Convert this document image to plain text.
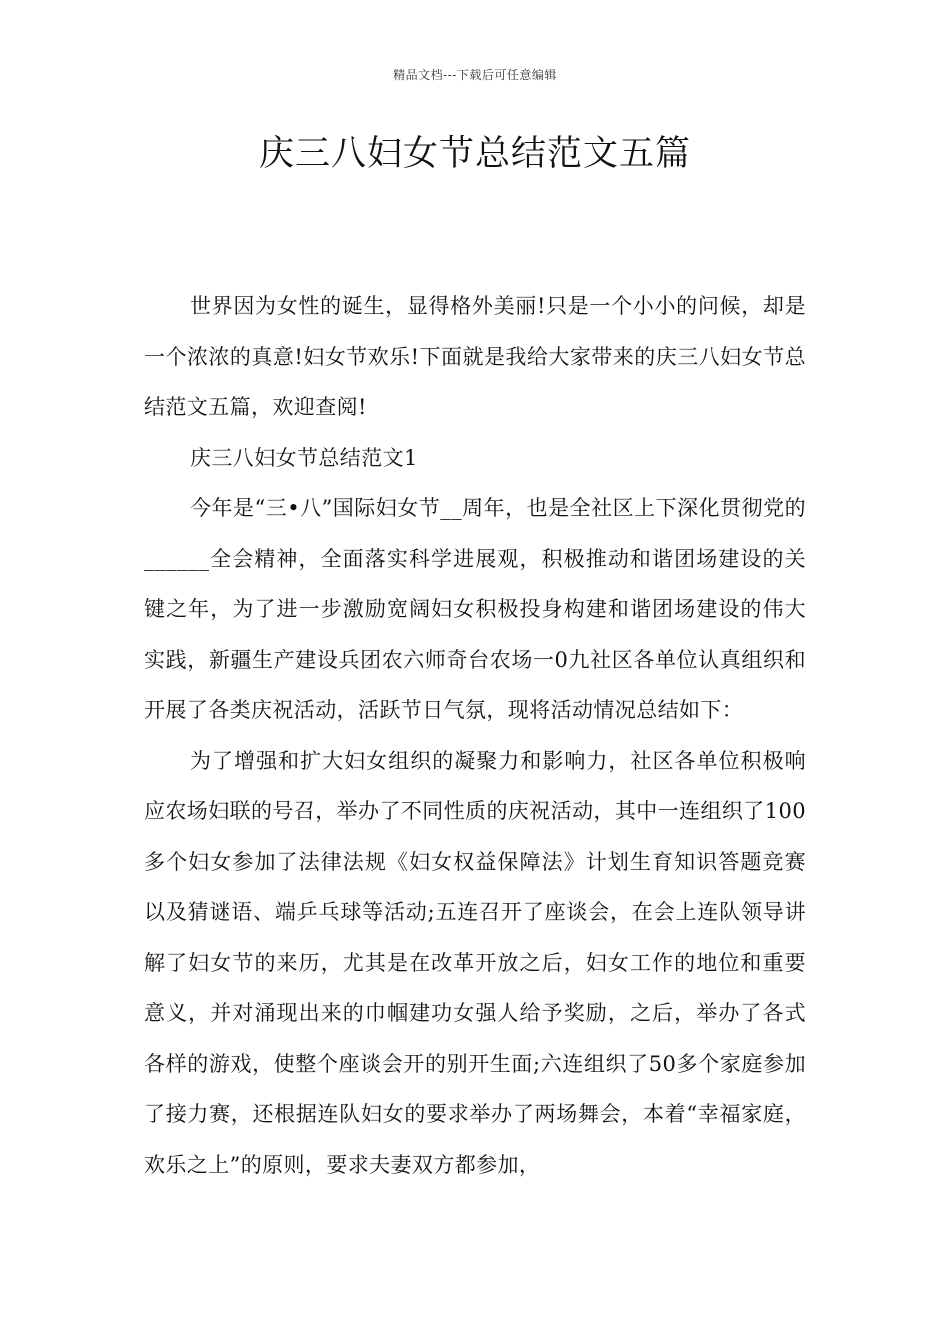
精品文档---下载后可任意编辑
庆三八妇女节总结范文五篇

世界因为女性的诞生，显得格外美丽!只是一个小小的问候，却是一个浓浓的真意!妇女节欢乐!下面就是我给大家带来的庆三八妇女节总结范文五篇，欢迎查阅!

庆三八妇女节总结范文1

今年是“三•八”国际妇女节__周年，也是全社区上下深化贯彻党的______全会精神，全面落实科学进展观，积极推动和谐团场建设的关键之年，为了进一步激励宽阔妇女积极投身构建和谐团场建设的伟大实践，新疆生产建设兵团农六师奇台农场一0九社区各单位认真组织和开展了各类庆祝活动，活跃节日气氛，现将活动情况总结如下：

为了增强和扩大妇女组织的凝聚力和影响力，社区各单位积极响应农场妇联的号召，举办了不同性质的庆祝活动，其中一连组织了100多个妇女参加了法律法规《妇女权益保障法》计划生育知识答题竞赛以及猜谜语、端乒乓球等活动;五连召开了座谈会，在会上连队领导讲解了妇女节的来历，尤其是在改革开放之后，妇女工作的地位和重要意义，并对涌现出来的巾帼建功女强人给予奖励，之后，举办了各式各样的游戏，使整个座谈会开的别开生面;六连组织了50多个家庭参加了接力赛，还根据连队妇女的要求举办了两场舞会，本着“幸福家庭，欢乐之上”的原则，要求夫妻双方都参加，
